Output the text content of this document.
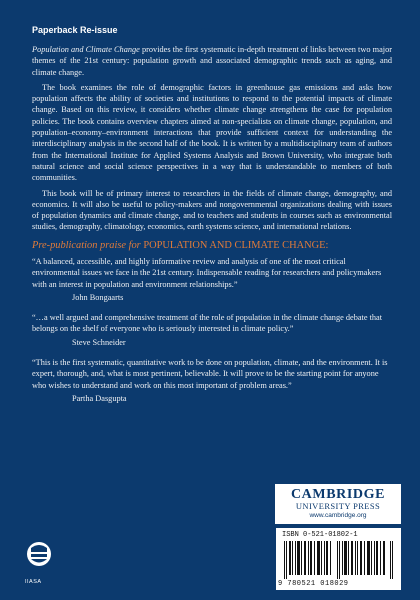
Paperback Re-issue

Population and Climate Change provides the first systematic in-depth treatment of links between two major themes of the 21st century: population growth and associated demographic trends such as aging, and climate change.

The book examines the role of demographic factors in greenhouse gas emissions and asks how population affects the ability of societies and institutions to respond to the potential impacts of climate change. Based on this review, it considers whether climate change strengthens the case for population policies. The book contains overview chapters aimed at non-specialists on climate change, population, and population–economy–environment interactions that provide sufficient context for understanding the interdisciplinary analysis in the second half of the book. It is written by a multidisciplinary team of authors from the International Institute for Applied Systems Analysis and Brown University, who integrate both natural science and social science perspectives in a way that is understandable to members of both communities.

This book will be of primary interest to researchers in the fields of climate change, demography, and economics. It will also be useful to policy-makers and nongovernmental organizations dealing with issues of population dynamics and climate change, and to teachers and students in courses such as environmental studies, demography, climatology, economics, earth systems science, and international relations.

Pre-publication praise for POPULATION AND CLIMATE CHANGE:

“A balanced, accessible, and highly informative review and analysis of one of the most critical environmental issues we face in the 21st century. Indispensable reading for researchers and policymakers with an interest in population and environment relationships.”

John Bongaarts

“…a well argued and comprehensive treatment of the role of population in the climate change debate that belongs on the shelf of everyone who is seriously interested in climate policy.”

Steve Schneider

“This is the first systematic, quantitative work to be done on population, climate, and the environment. It is expert, thorough, and, what is most pertinent, believable. It will prove to be the starting point for anyone who wishes to understand and work on this most important of problem areas.”

Partha Dasgupta

CAMBRIDGE
UNIVERSITY PRESS
www.cambridge.org
ISBN 0-521-01802-1
9 780521 018029
IIASA
